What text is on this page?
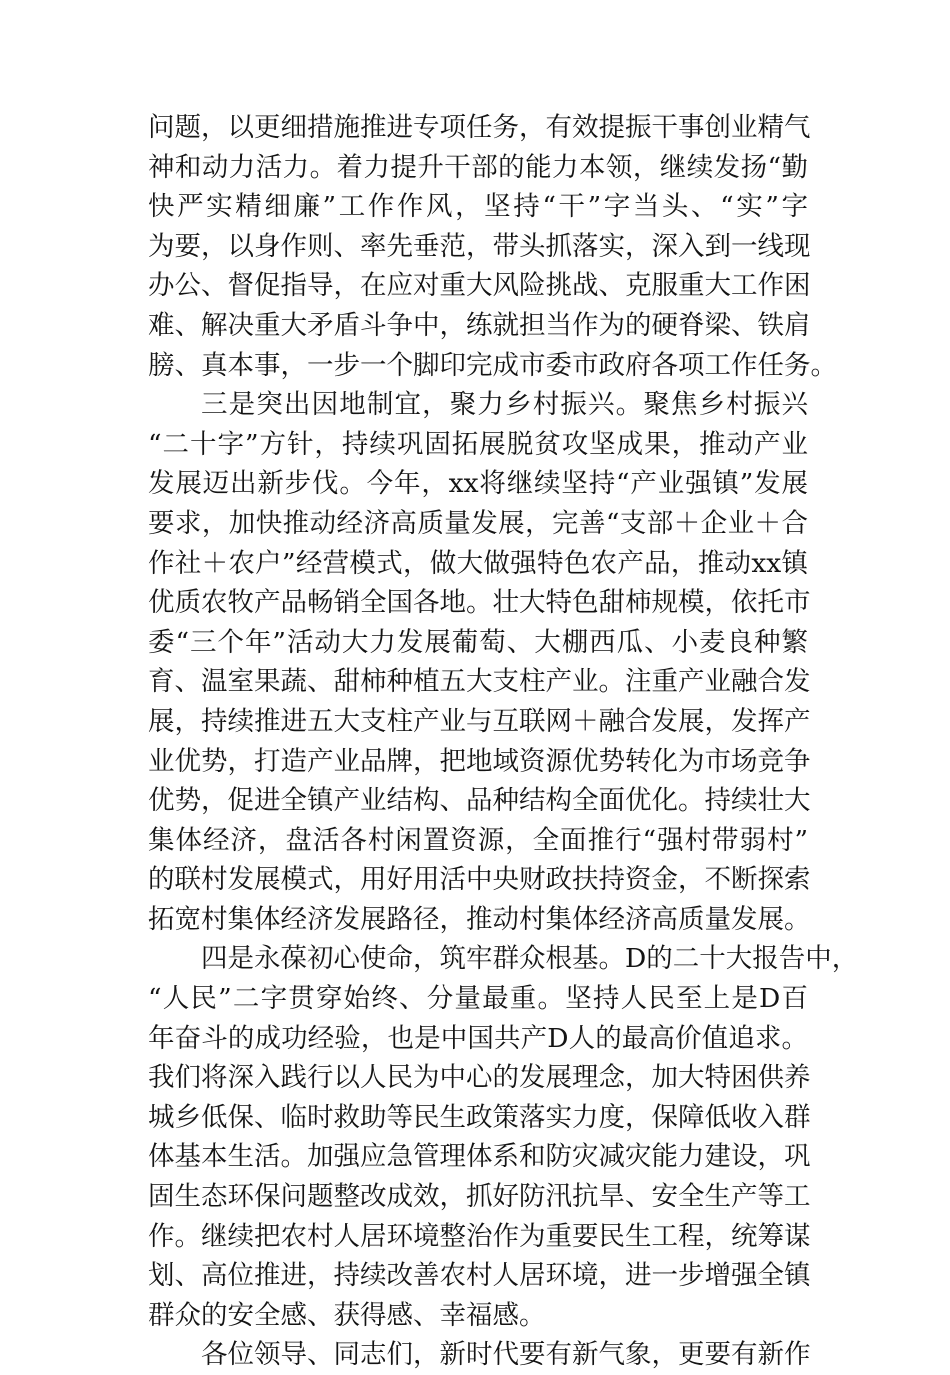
问题，以更细措施推进专项任务，有效提振干事创业精气
神和动力活力。着力提升干部的能力本领，继续发扬“勤
快严实精细廉”工作作风，坚持“干”字当头、“实”字
为要，以身作则、率先垂范，带头抓落实，深入到一线现
办公、督促指导，在应对重大风险挑战、克服重大工作困
难、解决重大矛盾斗争中，练就担当作为的硬脊梁、铁肩
膀、真本事，一步一个脚印完成市委市政府各项工作任务。
三是突出因地制宜，聚力乡村振兴。聚焦乡村振兴
“二十字”方针，持续巩固拓展脱贫攻坚成果，推动产业
发展迈出新步伐。今年，xx将继续坚持“产业强镇”发展
要求，加快推动经济高质量发展，完善“支部＋企业＋合
作社＋农户”经营模式，做大做强特色农产品，推动xx镇
优质农牧产品畅销全国各地。壮大特色甜柿规模，依托市
委“三个年”活动大力发展葡萄、大棚西瓜、小麦良种繁
育、温室果蔬、甜柿种植五大支柱产业。注重产业融合发
展，持续推进五大支柱产业与互联网＋融合发展，发挥产
业优势，打造产业品牌，把地域资源优势转化为市场竞争
优势，促进全镇产业结构、品种结构全面优化。持续壮大
集体经济，盘活各村闲置资源，全面推行“强村带弱村”
的联村发展模式，用好用活中央财政扶持资金，不断探索
拓宽村集体经济发展路径，推动村集体经济高质量发展。
四是永葆初心使命，筑牢群众根基。D的二十大报告中，
“人民”二字贯穿始终、分量最重。坚持人民至上是D百
年奋斗的成功经验，也是中国共产D人的最高价值追求。
我们将深入践行以人民为中心的发展理念，加大特困供养
城乡低保、临时救助等民生政策落实力度，保障低收入群
体基本生活。加强应急管理体系和防灾减灾能力建设，巩
固生态环保问题整改成效，抓好防汛抗旱、安全生产等工
作。继续把农村人居环境整治作为重要民生工程，统筹谋
划、高位推进，持续改善农村人居环境，进一步增强全镇
群众的安全感、获得感、幸福感。
各位领导、同志们，新时代要有新气象，更要有新作
